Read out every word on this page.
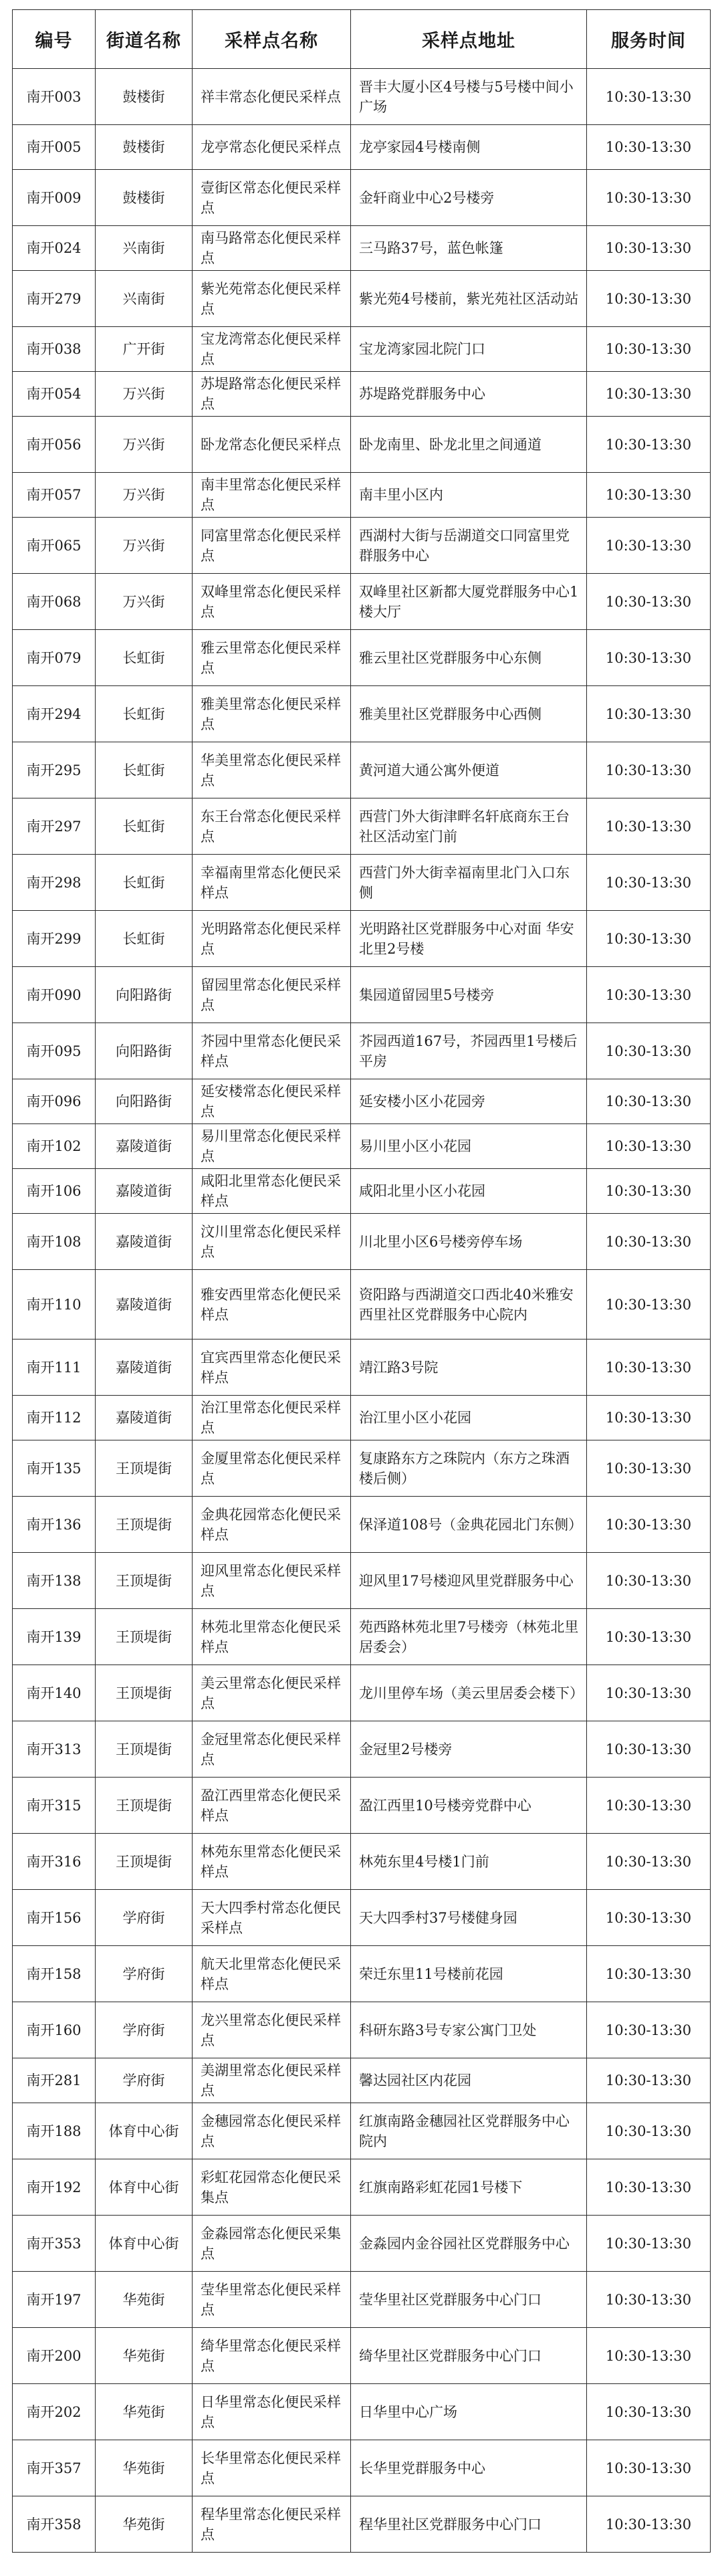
编号	街道名称	采样点名称	采样点地址	服务时间
南开003	鼓楼街	祥丰常态化便民采样点	晋丰大厦小区4号楼与5号楼中间小广场	10:30-13:30
南开005	鼓楼街	龙亭常态化便民采样点	龙亭家园4号楼南侧	10:30-13:30
南开009	鼓楼街	壹街区常态化便民采样点	金轩商业中心2号楼旁	10:30-13:30
南开024	兴南街	南马路常态化便民采样点	三马路37号，蓝色帐篷	10:30-13:30
南开279	兴南街	紫光苑常态化便民采样点	紫光苑4号楼前，紫光苑社区活动站	10:30-13:30
南开038	广开街	宝龙湾常态化便民采样点	宝龙湾家园北院门口	10:30-13:30
南开054	万兴街	苏堤路常态化便民采样点	苏堤路党群服务中心	10:30-13:30
南开056	万兴街	卧龙常态化便民采样点	卧龙南里、卧龙北里之间通道	10:30-13:30
南开057	万兴街	南丰里常态化便民采样点	南丰里小区内	10:30-13:30
南开065	万兴街	同富里常态化便民采样点	西湖村大街与岳湖道交口同富里党群服务中心	10:30-13:30
南开068	万兴街	双峰里常态化便民采样点	双峰里社区新都大厦党群服务中心1楼大厅	10:30-13:30
南开079	长虹街	雅云里常态化便民采样点	雅云里社区党群服务中心东侧	10:30-13:30
南开294	长虹街	雅美里常态化便民采样点	雅美里社区党群服务中心西侧	10:30-13:30
南开295	长虹街	华美里常态化便民采样点	黄河道大通公寓外便道	10:30-13:30
南开297	长虹街	东王台常态化便民采样点	西营门外大街津畔名轩底商东王台社区活动室门前	10:30-13:30
南开298	长虹街	幸福南里常态化便民采样点	西营门外大街幸福南里北门入口东侧	10:30-13:30
南开299	长虹街	光明路常态化便民采样点	光明路社区党群服务中心对面 华安北里2号楼	10:30-13:30
南开090	向阳路街	留园里常态化便民采样点	集园道留园里5号楼旁	10:30-13:30
南开095	向阳路街	芥园中里常态化便民采样点	芥园西道167号，芥园西里1号楼后平房	10:30-13:30
南开096	向阳路街	延安楼常态化便民采样点	延安楼小区小花园旁	10:30-13:30
南开102	嘉陵道街	易川里常态化便民采样点	易川里小区小花园	10:30-13:30
南开106	嘉陵道街	咸阳北里常态化便民采样点	咸阳北里小区小花园	10:30-13:30
南开108	嘉陵道街	汶川里常态化便民采样点	川北里小区6号楼旁停车场	10:30-13:30
南开110	嘉陵道街	雅安西里常态化便民采样点	资阳路与西湖道交口西北40米雅安西里社区党群服务中心院内	10:30-13:30
南开111	嘉陵道街	宜宾西里常态化便民采样点	靖江路3号院	10:30-13:30
南开112	嘉陵道街	治江里常态化便民采样点	治江里小区小花园	10:30-13:30
南开135	王顶堤街	金厦里常态化便民采样点	复康路东方之珠院内（东方之珠酒楼后侧）	10:30-13:30
南开136	王顶堤街	金典花园常态化便民采样点	保泽道108号（金典花园北门东侧）	10:30-13:30
南开138	王顶堤街	迎风里常态化便民采样点	迎风里17号楼迎风里党群服务中心	10:30-13:30
南开139	王顶堤街	林苑北里常态化便民采样点	苑西路林苑北里7号楼旁（林苑北里居委会）	10:30-13:30
南开140	王顶堤街	美云里常态化便民采样点	龙川里停车场（美云里居委会楼下）	10:30-13:30
南开313	王顶堤街	金冠里常态化便民采样点	金冠里2号楼旁	10:30-13:30
南开315	王顶堤街	盈江西里常态化便民采样点	盈江西里10号楼旁党群中心	10:30-13:30
南开316	王顶堤街	林苑东里常态化便民采样点	林苑东里4号楼1门前	10:30-13:30
南开156	学府街	天大四季村常态化便民采样点	天大四季村37号楼健身园	10:30-13:30
南开158	学府街	航天北里常态化便民采样点	荣迁东里11号楼前花园	10:30-13:30
南开160	学府街	龙兴里常态化便民采样点	科研东路3号专家公寓门卫处	10:30-13:30
南开281	学府街	美湖里常态化便民采样点	馨达园社区内花园	10:30-13:30
南开188	体育中心街	金穗园常态化便民采样点	红旗南路金穗园社区党群服务中心院内	10:30-13:30
南开192	体育中心街	彩虹花园常态化便民采集点	红旗南路彩虹花园1号楼下	10:30-13:30
南开353	体育中心街	金淼园常态化便民采集点	金淼园内金谷园社区党群服务中心	10:30-13:30
南开197	华苑街	莹华里常态化便民采样点	莹华里社区党群服务中心门口	10:30-13:30
南开200	华苑街	绮华里常态化便民采样点	绮华里社区党群服务中心门口	10:30-13:30
南开202	华苑街	日华里常态化便民采样点	日华里中心广场	10:30-13:30
南开357	华苑街	长华里常态化便民采样点	长华里党群服务中心	10:30-13:30
南开358	华苑街	程华里常态化便民采样点	程华里社区党群服务中心门口	10:30-13:30
